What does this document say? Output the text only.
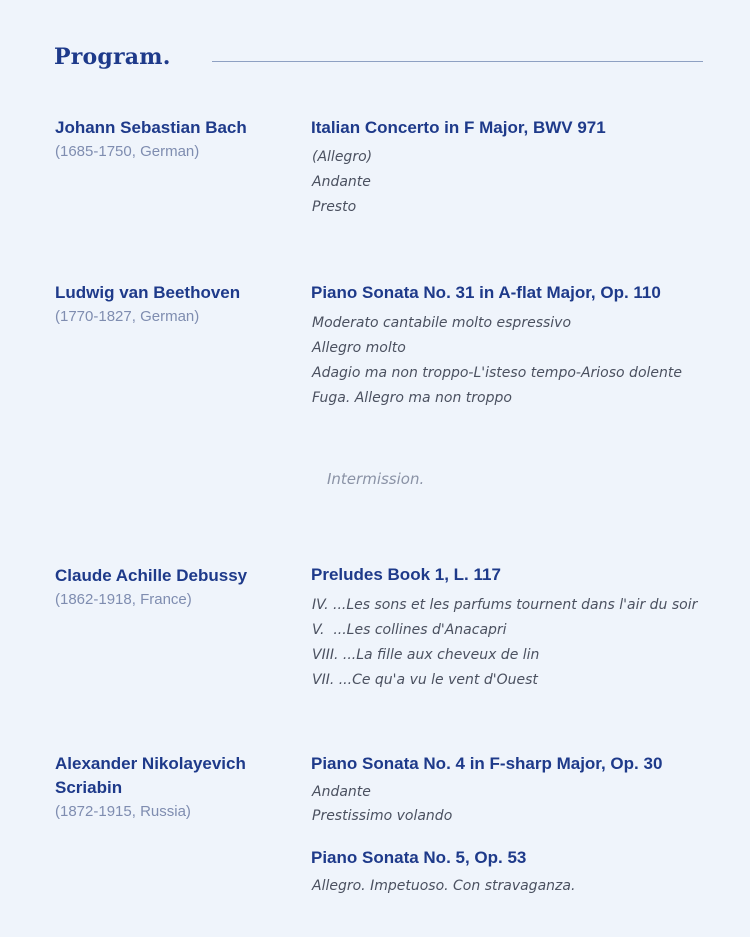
Program.
Johann Sebastian Bach
(1685-1750, German)
Italian Concerto in F Major, BWV 971
(Allegro)
Andante
Presto
Ludwig van Beethoven
(1770-1827, German)
Piano Sonata No. 31 in A-flat Major, Op. 110
Moderato cantabile molto espressivo
Allegro molto
Adagio ma non troppo-L'isteso tempo-Arioso dolente
Fuga. Allegro ma non troppo
Intermission.
Claude Achille Debussy
(1862-1918, France)
Preludes Book 1, L. 117
IV. ...Les sons et les parfums tournent dans l'air du soir
V.  ...Les collines d'Anacapri
VIII. ...La fille aux cheveux de lin
VII. ...Ce qu'a vu le vent d'Ouest
Alexander Nikolayevich Scriabin
(1872-1915, Russia)
Piano Sonata No. 4 in F-sharp Major, Op. 30
Andante
Prestissimo volando
Piano Sonata No. 5, Op. 53
Allegro. Impetuoso. Con stravaganza.
